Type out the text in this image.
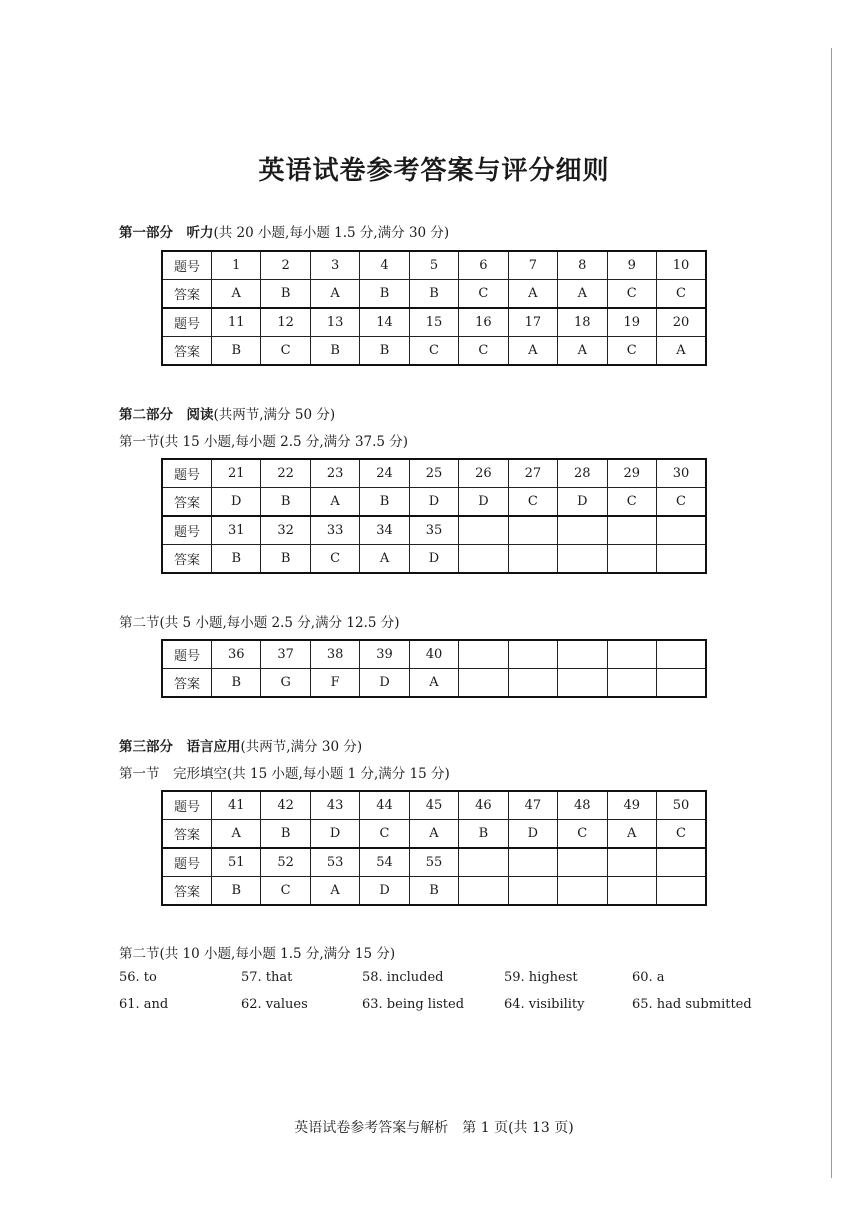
英语试卷参考答案与评分细则
第一部分　听力(共 20 小题,每小题 1.5 分,满分 30 分)
题号	1	2	3	4	5	6	7	8	9	10
答案	A	B	A	B	B	C	A	A	C	C
题号	11	12	13	14	15	16	17	18	19	20
答案	B	C	B	B	C	C	A	A	C	A
第二部分　阅读(共两节,满分 50 分)
第一节(共 15 小题,每小题 2.5 分,满分 37.5 分)
题号	21	22	23	24	25	26	27	28	29	30
答案	D	B	A	B	D	D	C	D	C	C
题号	31	32	33	34	35					
答案	B	B	C	A	D					
第二节(共 5 小题,每小题 2.5 分,满分 12.5 分)
题号	36	37	38	39	40					
答案	B	G	F	D	A					
第三部分　语言应用(共两节,满分 30 分)
第一节　完形填空(共 15 小题,每小题 1 分,满分 15 分)
题号	41	42	43	44	45	46	47	48	49	50
答案	A	B	D	C	A	B	D	C	A	C
题号	51	52	53	54	55					
答案	B	C	A	D	B					
第二节(共 10 小题,每小题 1.5 分,满分 15 分)
56. to	57. that	58. included	59. highest	60. a
61. and	62. values	63. being listed	64. visibility	65. had submitted
英语试卷参考答案与解析　第 1 页(共 13 页)
